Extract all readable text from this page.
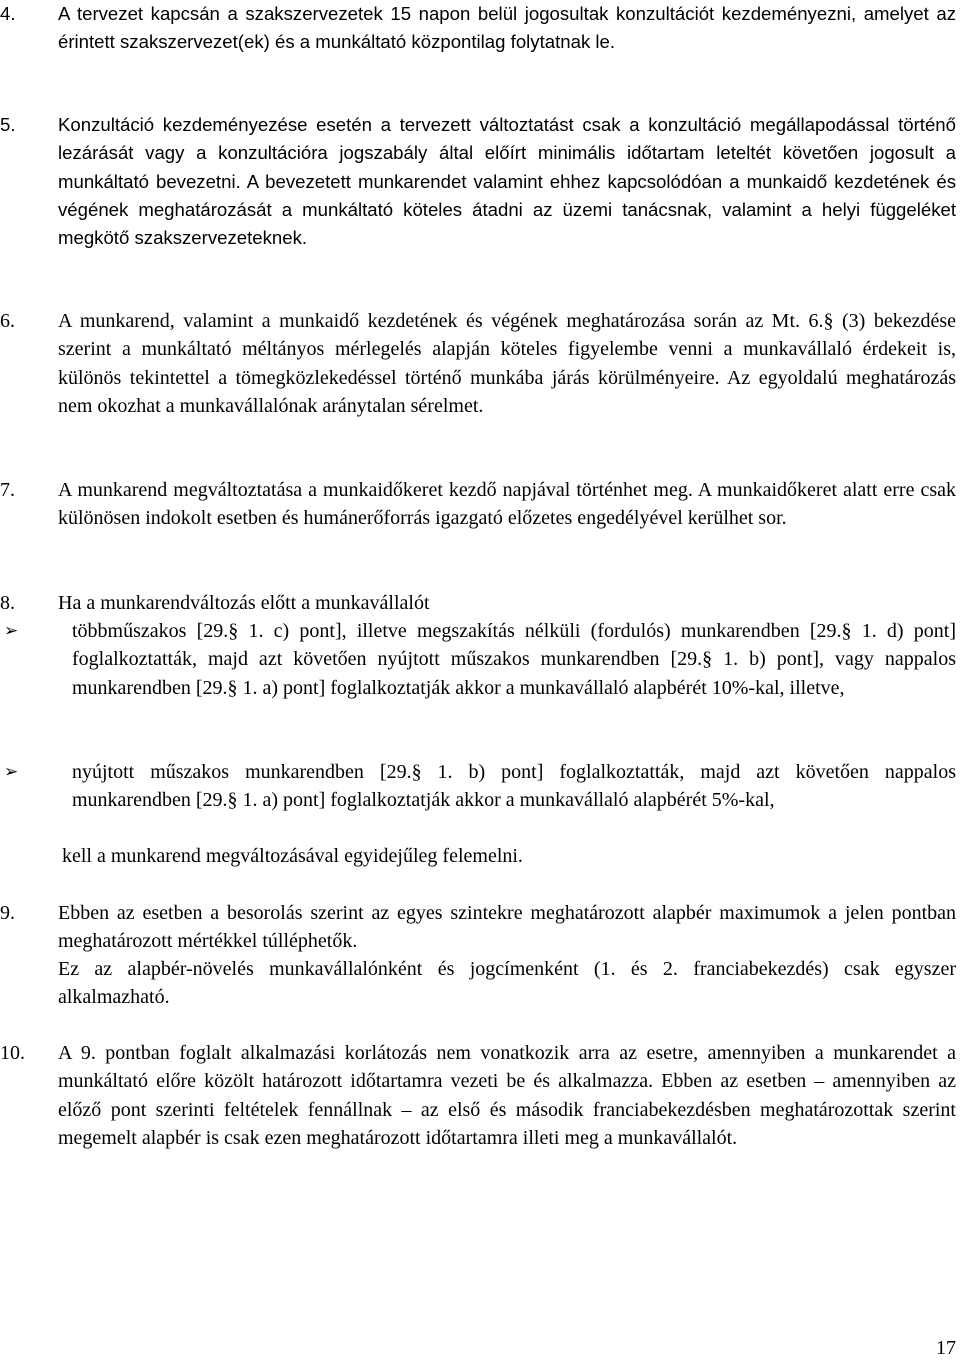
4. A tervezet kapcsán a szakszervezetek 15 napon belül jogosultak konzultációt kezdeményezni, amelyet az érintett szakszervezet(ek) és a munkáltató központilag folytatnak le.

5. Konzultáció kezdeményezése esetén a tervezett változtatást csak a konzultáció megállapodással történő lezárását vagy a konzultációra jogszabály által előírt minimális időtartam leteltét követően jogosult a munkáltató bevezetni. A bevezetett munkarendet valamint ehhez kapcsolódóan a munkaidő kezdetének és végének meghatározását a munkáltató köteles átadni az üzemi tanácsnak, valamint a helyi függeléket megkötő szakszervezeteknek.

6. A munkarend, valamint a munkaidő kezdetének és végének meghatározása során az Mt. 6.§ (3) bekezdése szerint a munkáltató méltányos mérlegelés alapján köteles figyelembe venni a munkavállaló érdekeit is, különös tekintettel a tömegközlekedéssel történő munkába járás körülményeire. Az egyoldalú meghatározás nem okozhat a munkavállalónak aránytalan sérelmet.

7. A munkarend megváltoztatása a munkaidőkeret kezdő napjával történhet meg. A munkaidőkeret alatt erre csak különösen indokolt esetben és humánerőforrás igazgató előzetes engedélyével kerülhet sor.

8. Ha a munkarendváltozás előtt a munkavállalót

➢	többműszakos [29.§ 1. c) pont], illetve megszakítás nélküli (fordulós) munkarendben [29.§ 1. d) pont] foglalkoztatták, majd azt követően nyújtott műszakos munkarendben [29.§ 1. b) pont], vagy nappalos munkarendben [29.§ 1. a) pont] foglalkoztatják akkor a munkavállaló alapbérét 10%-kal, illetve,

➢	nyújtott műszakos munkarendben [29.§ 1. b) pont] foglalkoztatták, majd azt követően nappalos munkarendben [29.§ 1. a) pont] foglalkoztatják akkor a munkavállaló alapbérét 5%-kal,

kell a munkarend megváltozásával egyidejűleg felemelni.
9. Ebben az esetben a besorolás szerint az egyes szintekre meghatározott alapbér maximumok a jelen pontban meghatározott mértékkel túlléphetők.

Ez az alapbér-növelés munkavállalónként és jogcímenként (1. és 2. franciabekezdés) csak egyszer alkalmazható.

10. A 9. pontban foglalt alkalmazási korlátozás nem vonatkozik arra az esetre, amennyiben a munkarendet a munkáltató előre közölt határozott időtartamra vezeti be és alkalmazza. Ebben az esetben – amennyiben az előző pont szerinti feltételek fennállnak – az első és második franciabekezdésben meghatározottak szerint megemelt alapbér is csak ezen meghatározott időtartamra illeti meg a munkavállalót.

17
